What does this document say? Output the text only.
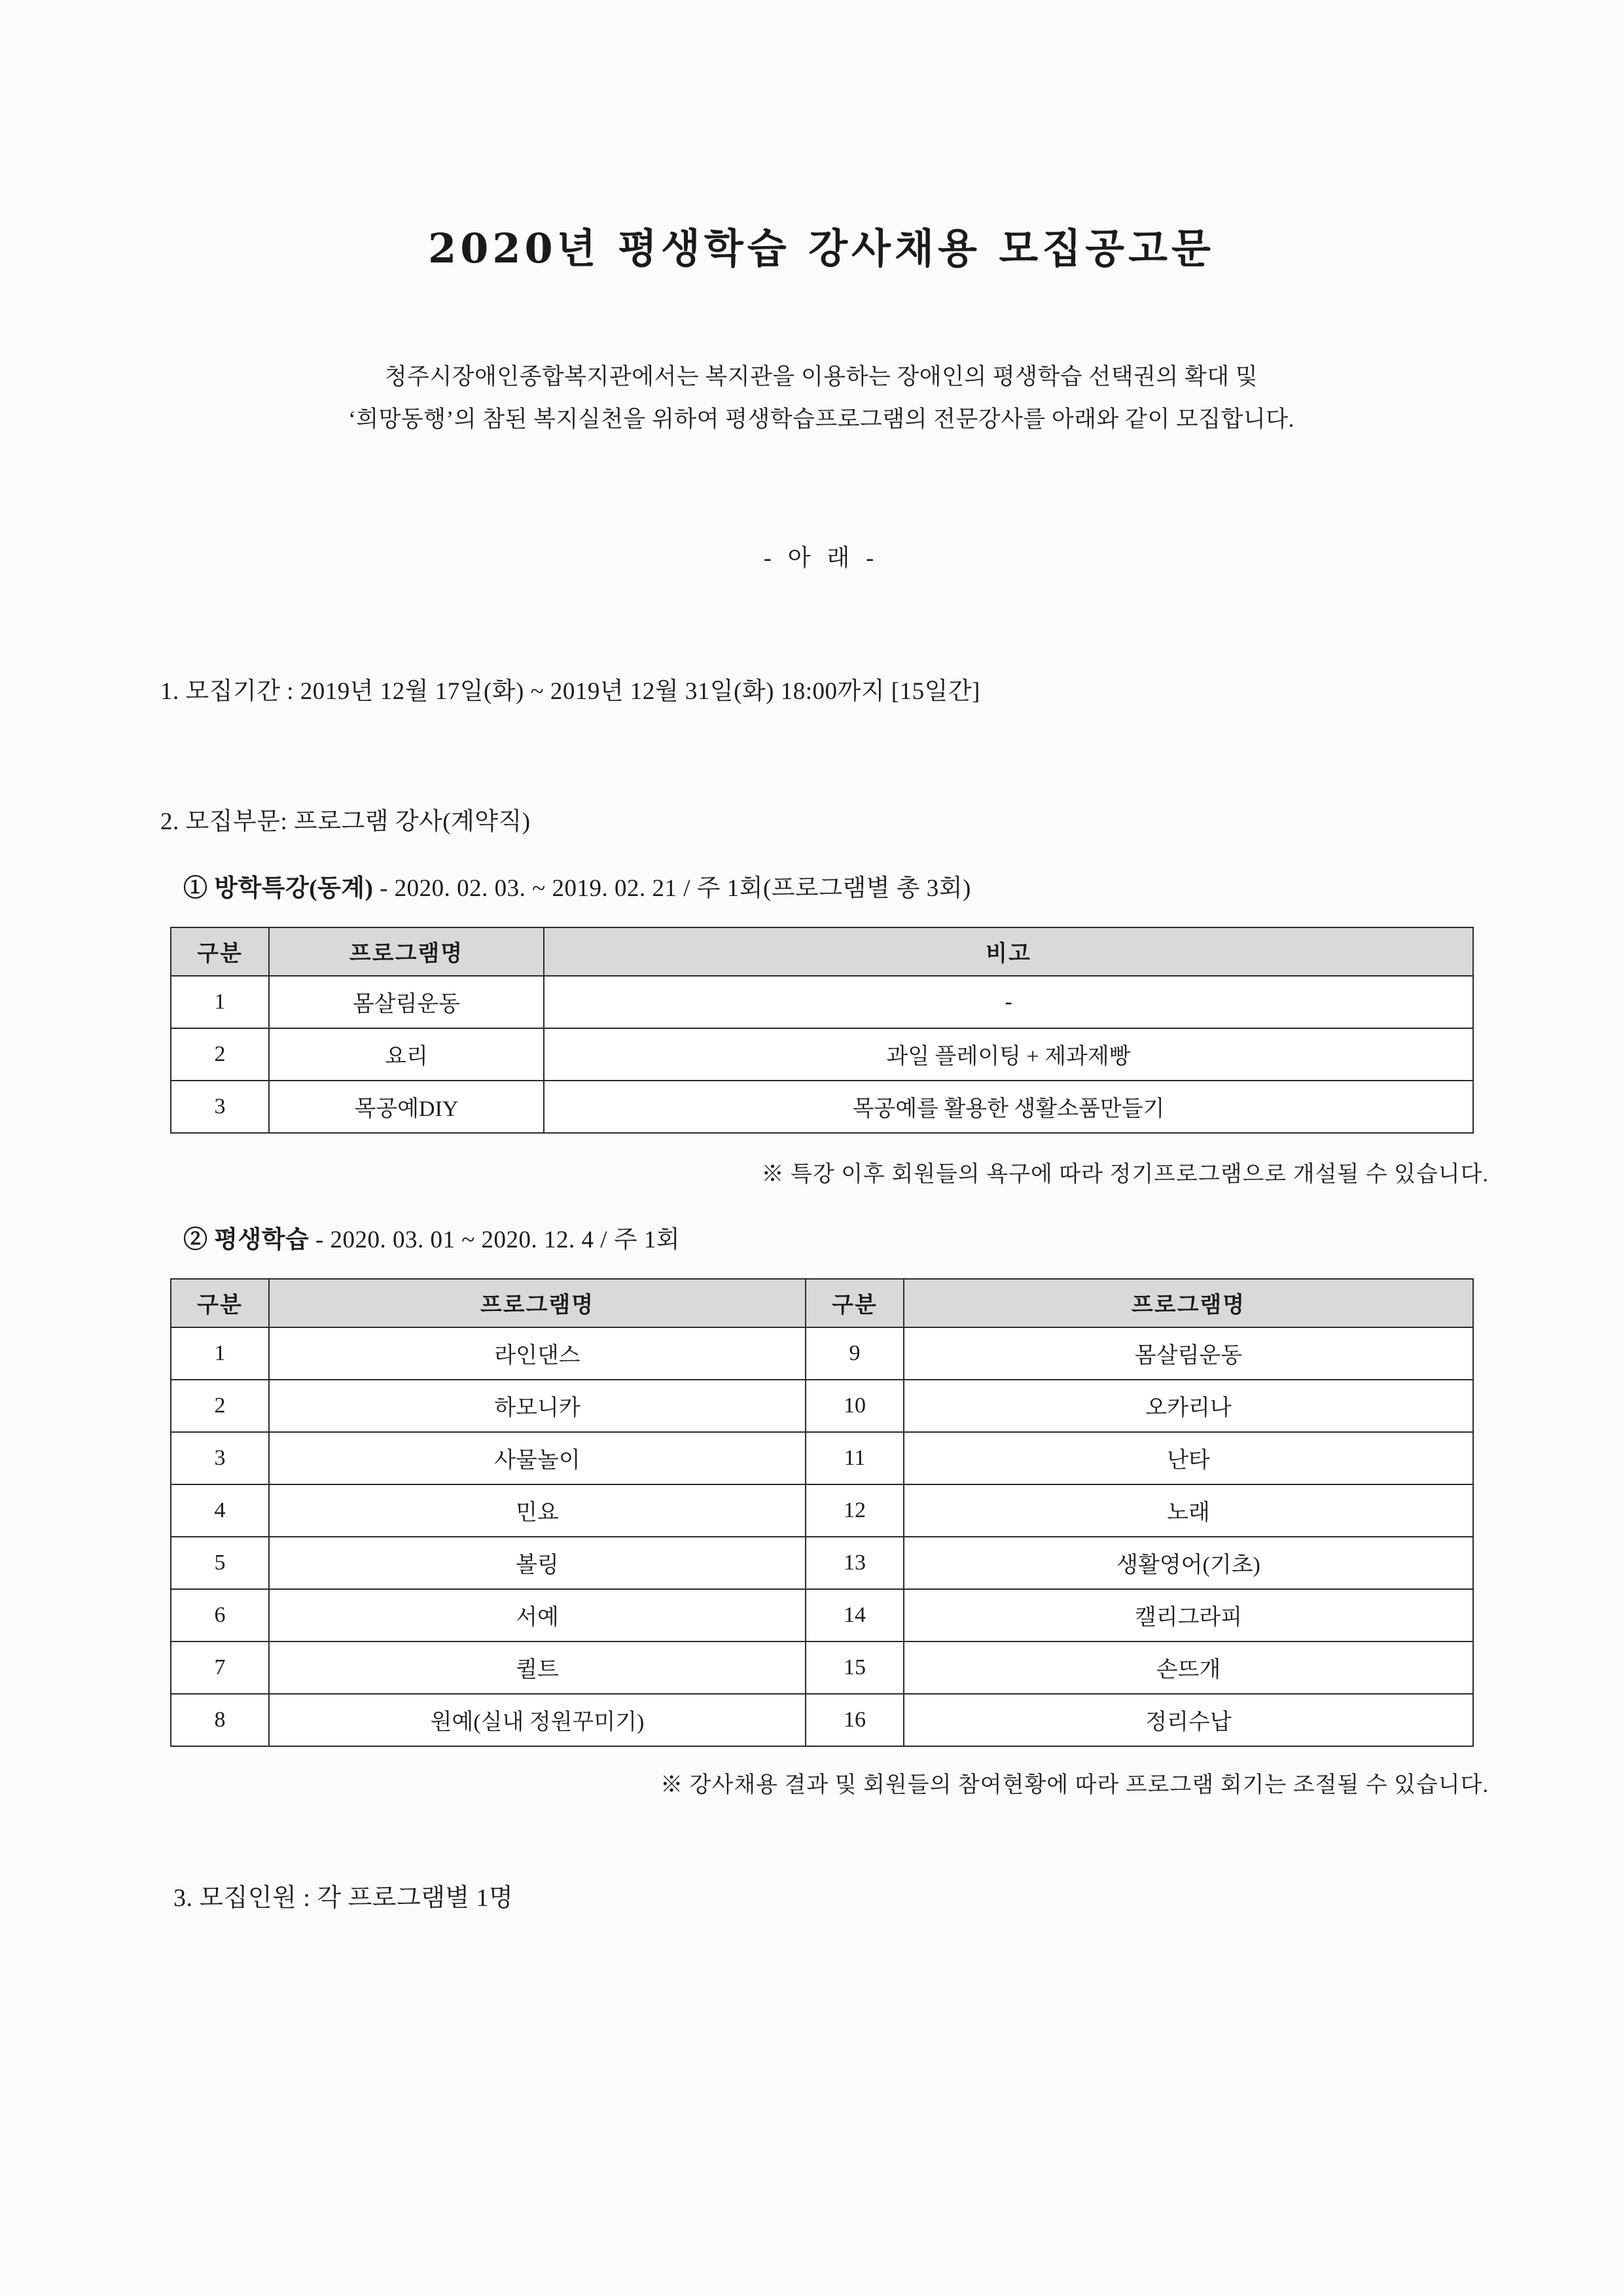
2020년 평생학습 강사채용 모집공고문
청주시장애인종합복지관에서는 복지관을 이용하는 장애인의 평생학습 선택권의 확대 및
‘희망동행’의 참된 복지실천을 위하여 평생학습프로그램의 전문강사를 아래와 같이 모집합니다.
- 아 래 -
1. 모집기간 : 2019년 12월 17일(화) ~ 2019년 12월 31일(화) 18:00까지 [15일간]
2. 모집부문: 프로그램 강사(계약직)
① 방학특강(동계) - 2020. 02. 03. ~ 2019. 02. 21 / 주 1회(프로그램별 총 3회)
구분	프로그램명	비고
1	몸살림운동	-
2	요리	과일 플레이팅 + 제과제빵
3	목공예DIY	목공예를 활용한 생활소품만들기
※ 특강 이후 회원들의 욕구에 따라 정기프로그램으로 개설될 수 있습니다.
② 평생학습 - 2020. 03. 01 ~ 2020. 12. 4 / 주 1회
구분	프로그램명	구분	프로그램명
1	라인댄스	9	몸살림운동
2	하모니카	10	오카리나
3	사물놀이	11	난타
4	민요	12	노래
5	볼링	13	생활영어(기초)
6	서예	14	캘리그라피
7	퀼트	15	손뜨개
8	원예(실내 정원꾸미기)	16	정리수납
※ 강사채용 결과 및 회원들의 참여현황에 따라 프로그램 회기는 조절될 수 있습니다.
3. 모집인원 : 각 프로그램별 1명
